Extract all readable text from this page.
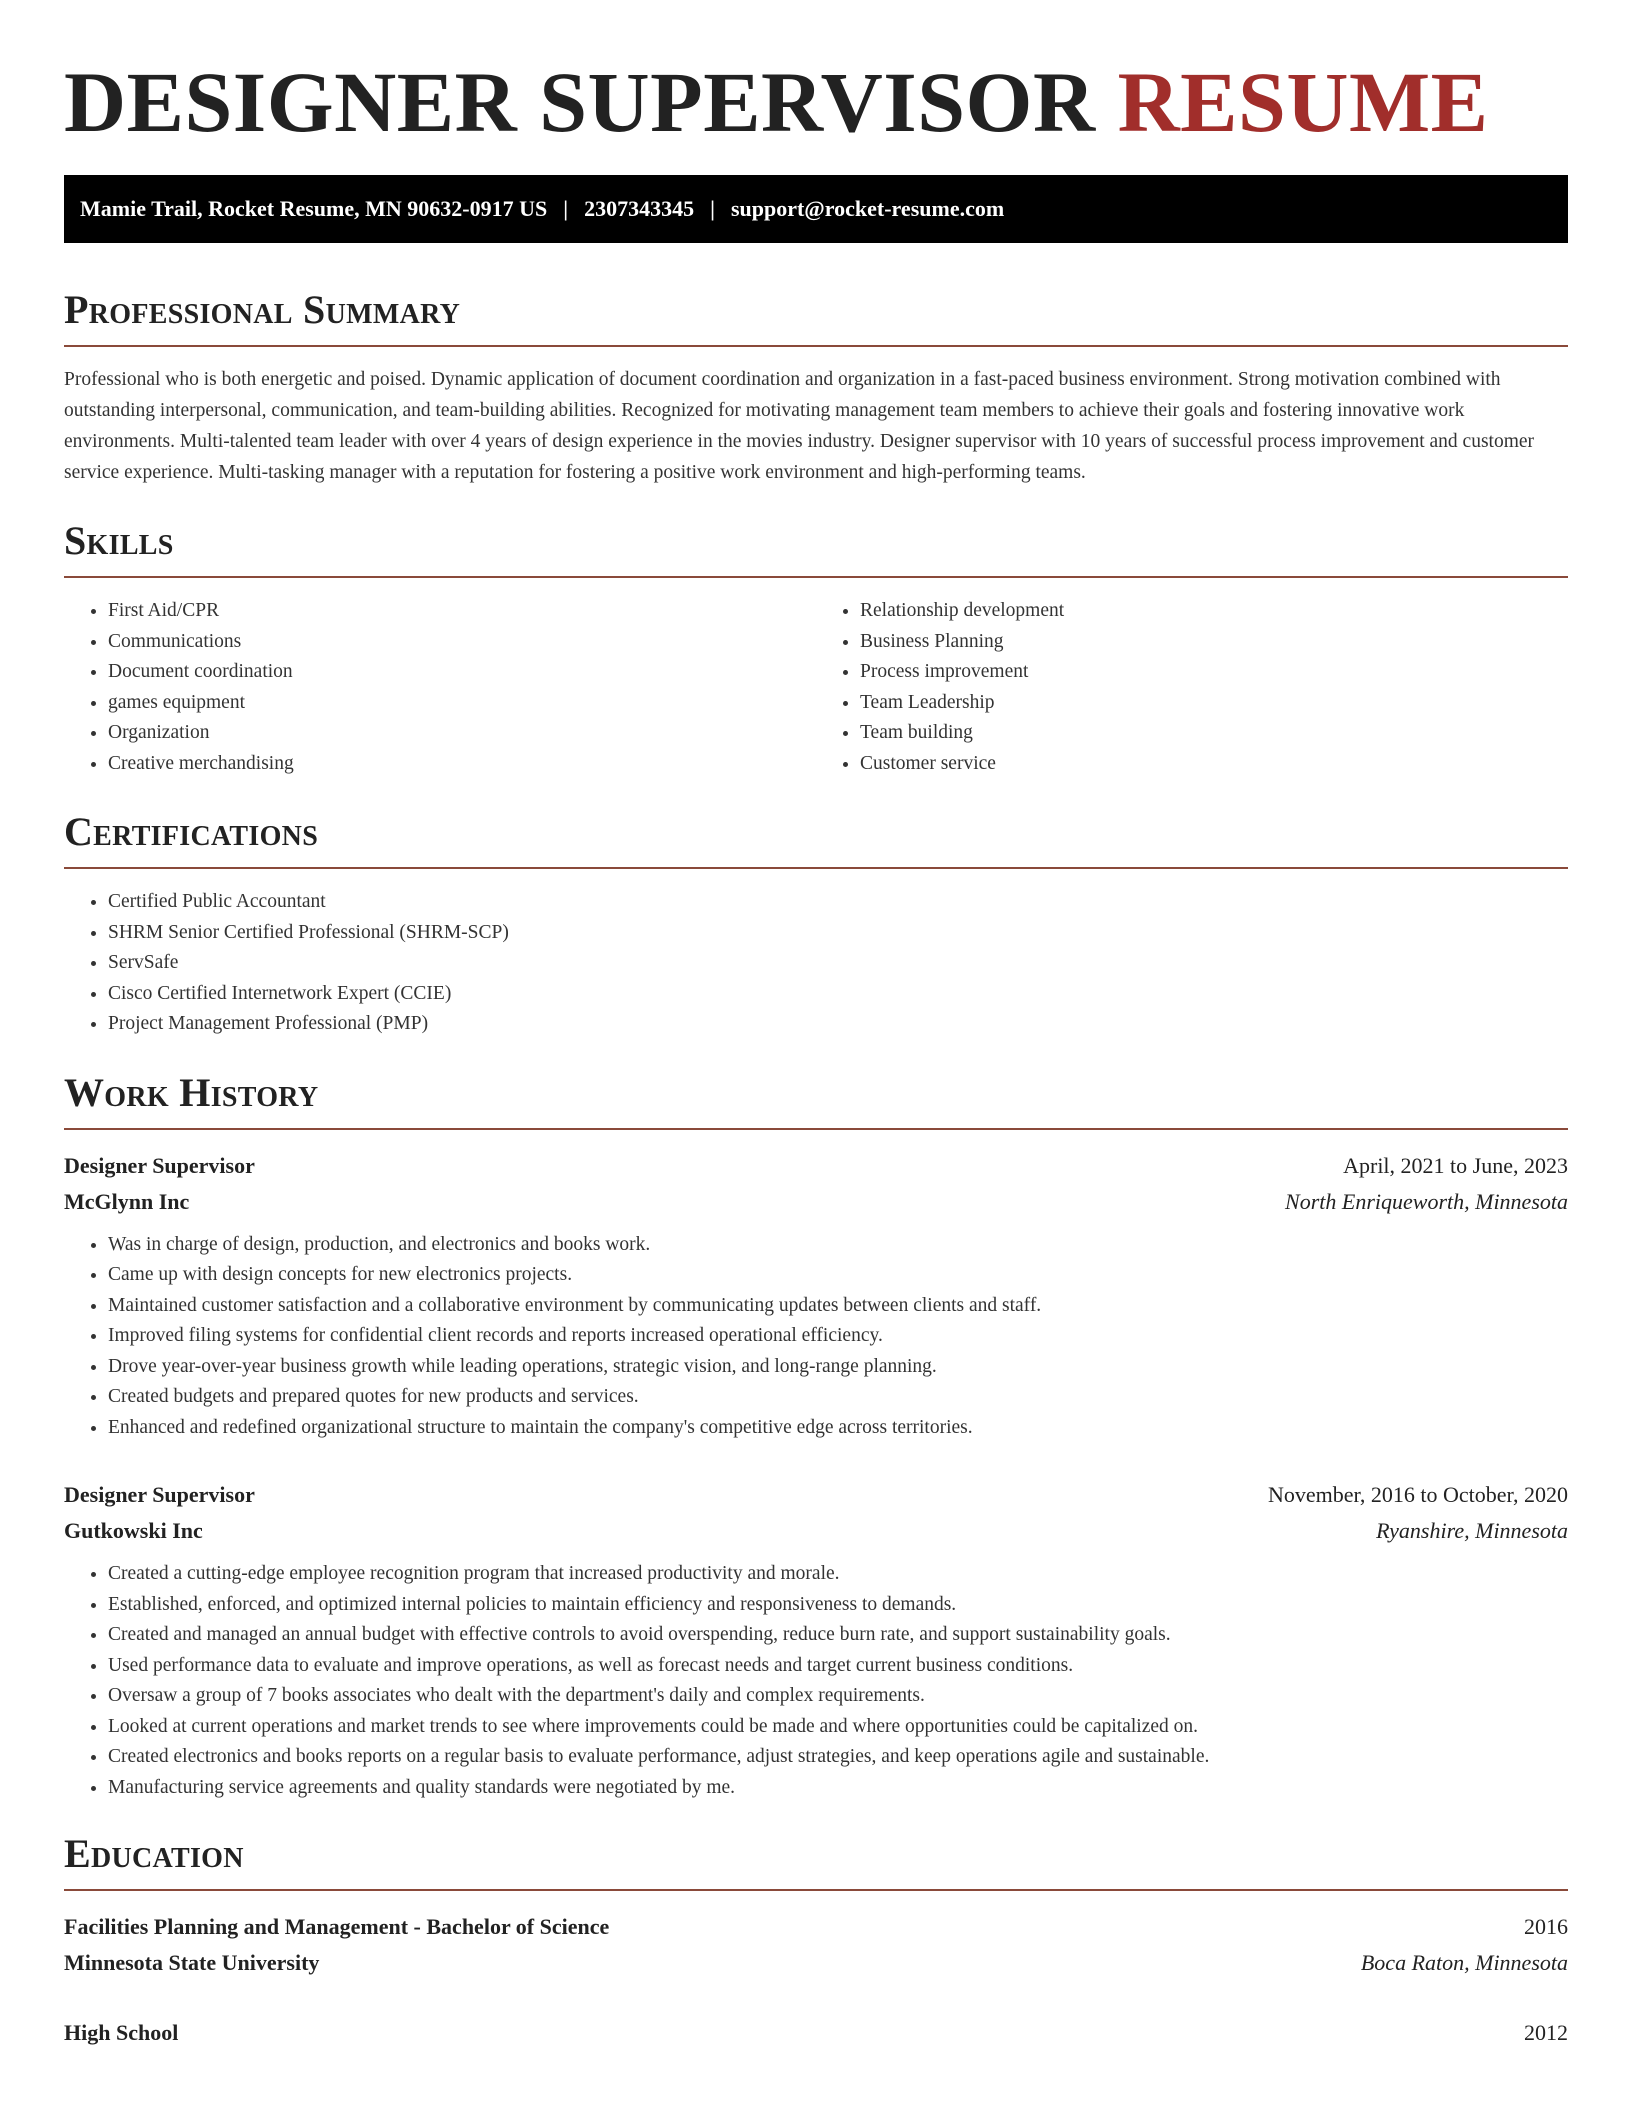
DESIGNER SUPERVISOR RESUME
Mamie Trail, Rocket Resume, MN 90632-0917 US | 2307343345 | support@rocket-resume.com
Professional Summary

Professional who is both energetic and poised. Dynamic application of document coordination and organization in a fast-paced business environment. Strong motivation combined with outstanding interpersonal, communication, and team-building abilities. Recognized for motivating management team members to achieve their goals and fostering innovative work environments. Multi-talented team leader with over 4 years of design experience in the movies industry. Designer supervisor with 10 years of successful process improvement and customer service experience. Multi-tasking manager with a reputation for fostering a positive work environment and high-performing teams.

Skills
• First Aid/CPR
• Communications
• Document coordination
• games equipment
• Organization
• Creative merchandising
• Relationship development
• Business Planning
• Process improvement
• Team Leadership
• Team building
• Customer service
Certifications
• Certified Public Accountant
• SHRM Senior Certified Professional (SHRM-SCP)
• ServSafe
• Cisco Certified Internetwork Expert (CCIE)
• Project Management Professional (PMP)
Work History
Designer Supervisor	April, 2021 to June, 2023
McGlynn Inc	North Enriqueworth, Minnesota
• Was in charge of design, production, and electronics and books work.
• Came up with design concepts for new electronics projects.
• Maintained customer satisfaction and a collaborative environment by communicating updates between clients and staff.
• Improved filing systems for confidential client records and reports increased operational efficiency.
• Drove year-over-year business growth while leading operations, strategic vision, and long-range planning.
• Created budgets and prepared quotes for new products and services.
• Enhanced and redefined organizational structure to maintain the company's competitive edge across territories.
Designer Supervisor	November, 2016 to October, 2020
Gutkowski Inc	Ryanshire, Minnesota
• Created a cutting-edge employee recognition program that increased productivity and morale.
• Established, enforced, and optimized internal policies to maintain efficiency and responsiveness to demands.
• Created and managed an annual budget with effective controls to avoid overspending, reduce burn rate, and support sustainability goals.
• Used performance data to evaluate and improve operations, as well as forecast needs and target current business conditions.
• Oversaw a group of 7 books associates who dealt with the department's daily and complex requirements.
• Looked at current operations and market trends to see where improvements could be made and where opportunities could be capitalized on.
• Created electronics and books reports on a regular basis to evaluate performance, adjust strategies, and keep operations agile and sustainable.
• Manufacturing service agreements and quality standards were negotiated by me.
Education
Facilities Planning and Management - Bachelor of Science	2016
Minnesota State University	Boca Raton, Minnesota
High School	2012
